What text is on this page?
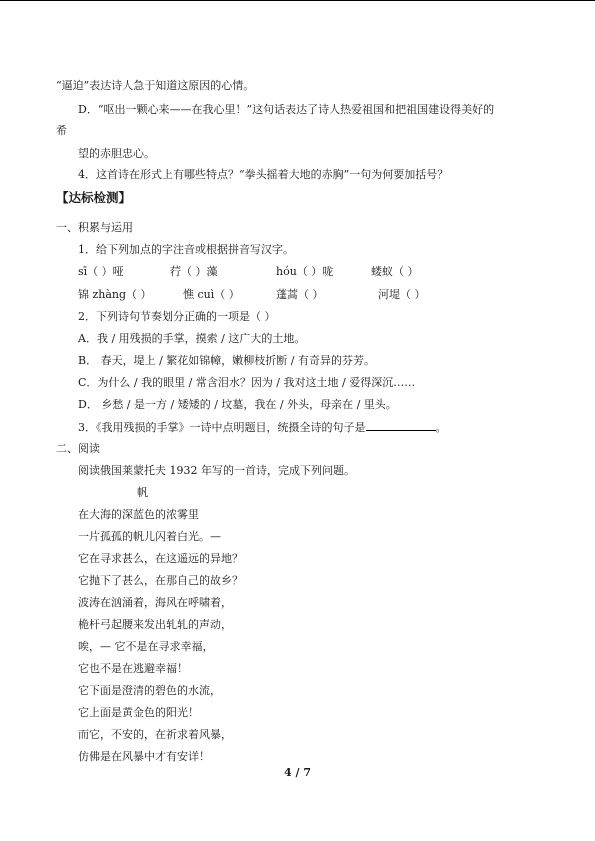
“逼迫”表达诗人急于知道这原因的心情。
D．“呕出一颗心来——在我心里！”这句话表达了诗人热爱祖国和把祖国建设得美好的
希
望的赤胆忠心。
4．这首诗在形式上有哪些特点？“拳头摇着大地的赤胸”一句为何要加括号？
【达标检测】
一、积累与运用
1．给下列加点的字注音或根据拼音写汉字。
sī（ ）哑	荇（ ）藻	hóu（ ）咙	蝼蚁（ ）
锦 zhàng（ ）	憔 cuì（ ）	蓬蒿（ ）	河堤（ ）
2．下列诗句节奏划分正确的一项是（ ）
A．我 / 用残损的手掌，摸索 / 这广大的土地。
B． 春天，堤上 / 繁花如锦幛，嫩柳枝折断 / 有奇异的芬芳。
C．为什么 / 我的眼里 / 常含泪水？因为 / 我对这土地 / 爱得深沉……
D． 乡愁 / 是一方 / 矮矮的 / 坟墓，我在 / 外头，母亲在 / 里头。
3．《我用残损的手掌》一诗中点明题目，统摄全诗的句子是	。
二、阅读
阅读俄国莱蒙托夫 1932 年写的一首诗，完成下列问题。
帆
在大海的深蓝色的浓雾里
一片孤孤的帆儿闪着白光。—
它在寻求甚么，在这遥远的异地？
它抛下了甚么，在那自己的故乡？
波涛在汹涌着，海风在呼啸着，
桅杆弓起腰来发出轧轧的声动，
唉，— 它不是在寻求幸福，
它也不是在逃避幸福！
它下面是澄清的碧色的水流，
它上面是黄金色的阳光！
而它，不安的，在祈求着风暴，
仿佛是在风暴中才有安详！
4 / 7
